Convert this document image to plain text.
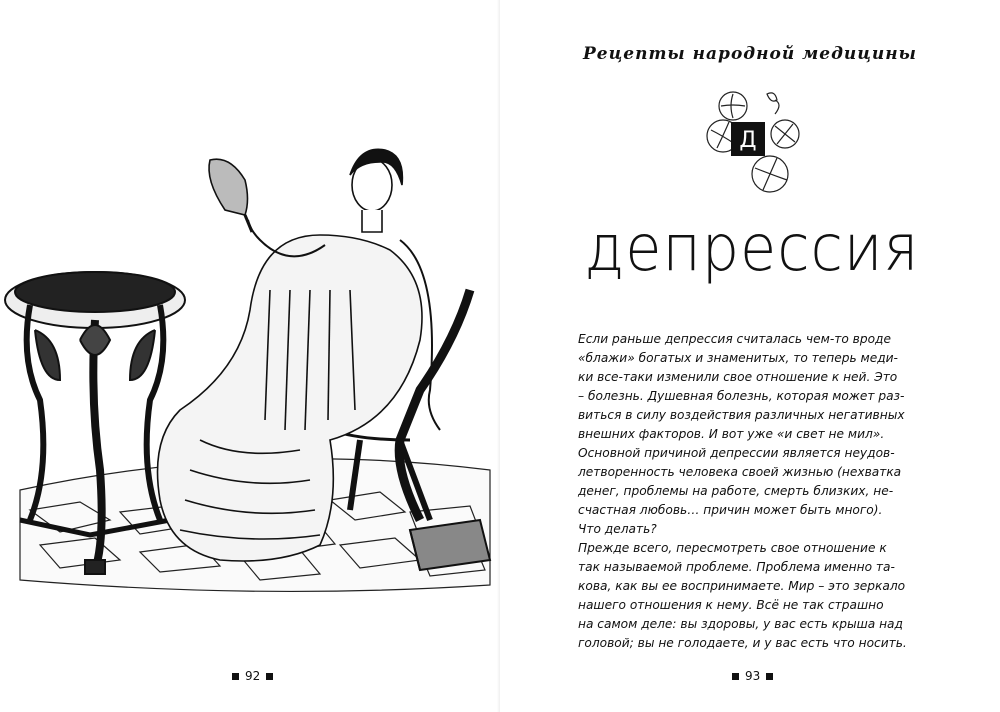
92
Рецепты народной медицины
Д
депрессия
Если раньше депрессия считалась чем-то вроде
«блажи» богатых и знаменитых, то теперь меди-
ки все-таки изменили свое отношение к ней. Это
– болезнь. Душевная болезнь, которая может раз-
виться в силу воздействия различных негативных
внешних факторов. И вот уже «и свет не мил».
Основной причиной депрессии является неудов-
летворенность человека своей жизнью (нехватка
денег, проблемы на работе, смерть близких, не-
счастная любовь… причин может быть много).
Что делать?
Прежде всего, пересмотреть свое отношение к
так называемой проблеме. Проблема именно та-
кова, как вы ее воспринимаете. Мир – это зеркало
нашего отношения к нему. Всё не так страшно
на самом деле: вы здоровы, у вас есть крыша над
головой; вы не голодаете, и у вас есть что носить.
93
